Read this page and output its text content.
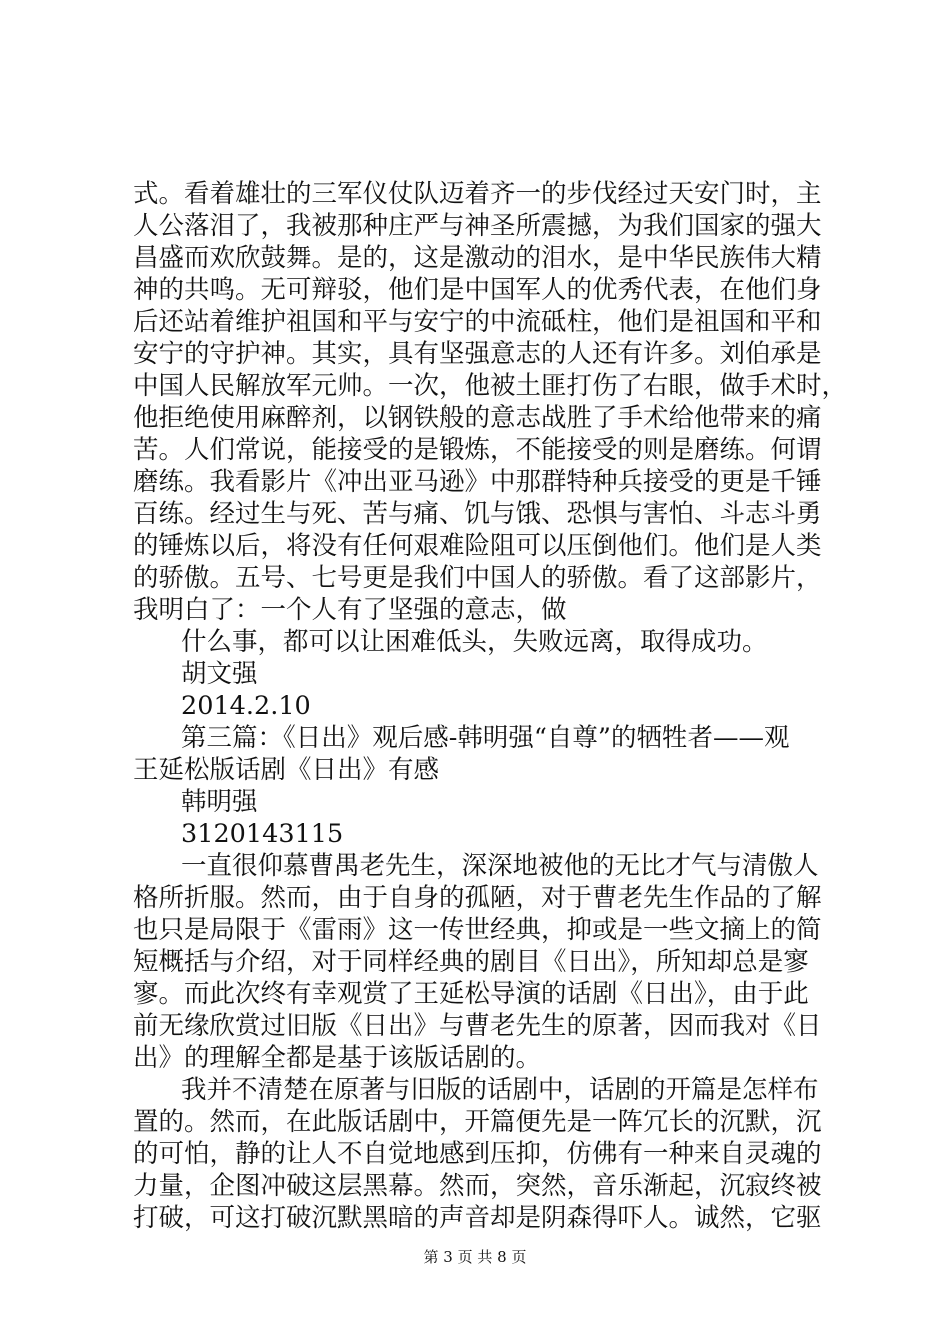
式。看着雄壮的三军仪仗队迈着齐一的步伐经过天安门时，主
人公落泪了，我被那种庄严与神圣所震撼，为我们国家的强大
昌盛而欢欣鼓舞。是的，这是激动的泪水，是中华民族伟大精
神的共鸣。无可辩驳，他们是中国军人的优秀代表，在他们身
后还站着维护祖国和平与安宁的中流砥柱，他们是祖国和平和
安宁的守护神。其实，具有坚强意志的人还有许多。刘伯承是
中国人民解放军元帅。一次，他被土匪打伤了右眼，做手术时，
他拒绝使用麻醉剂，以钢铁般的意志战胜了手术给他带来的痛
苦。人们常说，能接受的是锻炼，不能接受的则是磨练。何谓
磨练。我看影片《冲出亚马逊》中那群特种兵接受的更是千锤
百练。经过生与死、苦与痛、饥与饿、恐惧与害怕、斗志斗勇
的锤炼以后，将没有任何艰难险阻可以压倒他们。他们是人类
的骄傲。五号、七号更是我们中国人的骄傲。看了这部影片，
我明白了：一个人有了坚强的意志，做
什么事，都可以让困难低头，失败远离，取得成功。
胡文强
2014.2.10
第三篇：《日出》观后感-韩明强“自尊”的牺牲者——观
王延松版话剧《日出》有感
韩明强
3120143115
一直很仰慕曹禺老先生，深深地被他的无比才气与清傲人
格所折服。然而，由于自身的孤陋，对于曹老先生作品的了解
也只是局限于《雷雨》这一传世经典，抑或是一些文摘上的简
短概括与介绍，对于同样经典的剧目《日出》，所知却总是寥
寥。而此次终有幸观赏了王延松导演的话剧《日出》，由于此
前无缘欣赏过旧版《日出》与曹老先生的原著，因而我对《日
出》的理解全都是基于该版话剧的。
我并不清楚在原著与旧版的话剧中，话剧的开篇是怎样布
置的。然而，在此版话剧中，开篇便先是一阵冗长的沉默，沉
的可怕，静的让人不自觉地感到压抑，仿佛有一种来自灵魂的
力量，企图冲破这层黑幕。然而，突然，音乐渐起，沉寂终被
打破，可这打破沉默黑暗的声音却是阴森得吓人。诚然，它驱
第 3 页 共 8 页
